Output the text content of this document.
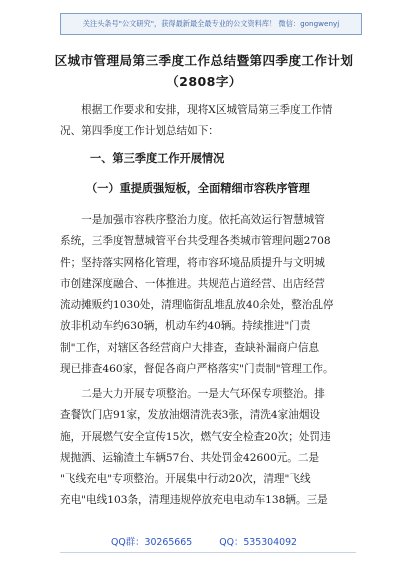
关注头条号"公文研究"，获得最新最全最专业的公文资料库！ 微信：gongwenyj
区城市管理局第三季度工作总结暨第四季度工作计划
（2808字）
　　根据工作要求和安排，现将X区城管局第三季度工作情
况、第四季度工作计划总结如下：
一、第三季度工作开展情况
（一）重提质强短板，全面精细市容秩序管理
　　一是加强市容秩序整治力度。依托高效运行智慧城管
系统，三季度智慧城管平台共受理各类城市管理问题2708
件；坚持落实网格化管理，将市容环境品质提升与文明城
市创建深度融合、一体推进。共规范占道经营、出店经营
流动摊贩约1030处，清理临街乱堆乱放40余处，整治乱停
放非机动车约630辆，机动车约40辆。持续推进"门责
制"工作，对辖区各经营商户大排查，查缺补漏商户信息
现已排查460家，督促各商户严格落实"门责制"管理工作。
　　二是大力开展专项整治。一是大气环保专项整治。排
查餐饮门店91家，发放油烟清洗表3张，清洗4家油烟设
施，开展燃气安全宣传15次，燃气安全检查20次；处罚违
规抛洒、运输渣土车辆57台、共处罚金42600元。二是
"飞线充电"专项整治。开展集中行动20次，清理"飞线
充电"电线103条，清理违规停放充电电动车138辆。三是
QQ群：30265665	QQ：535304092
